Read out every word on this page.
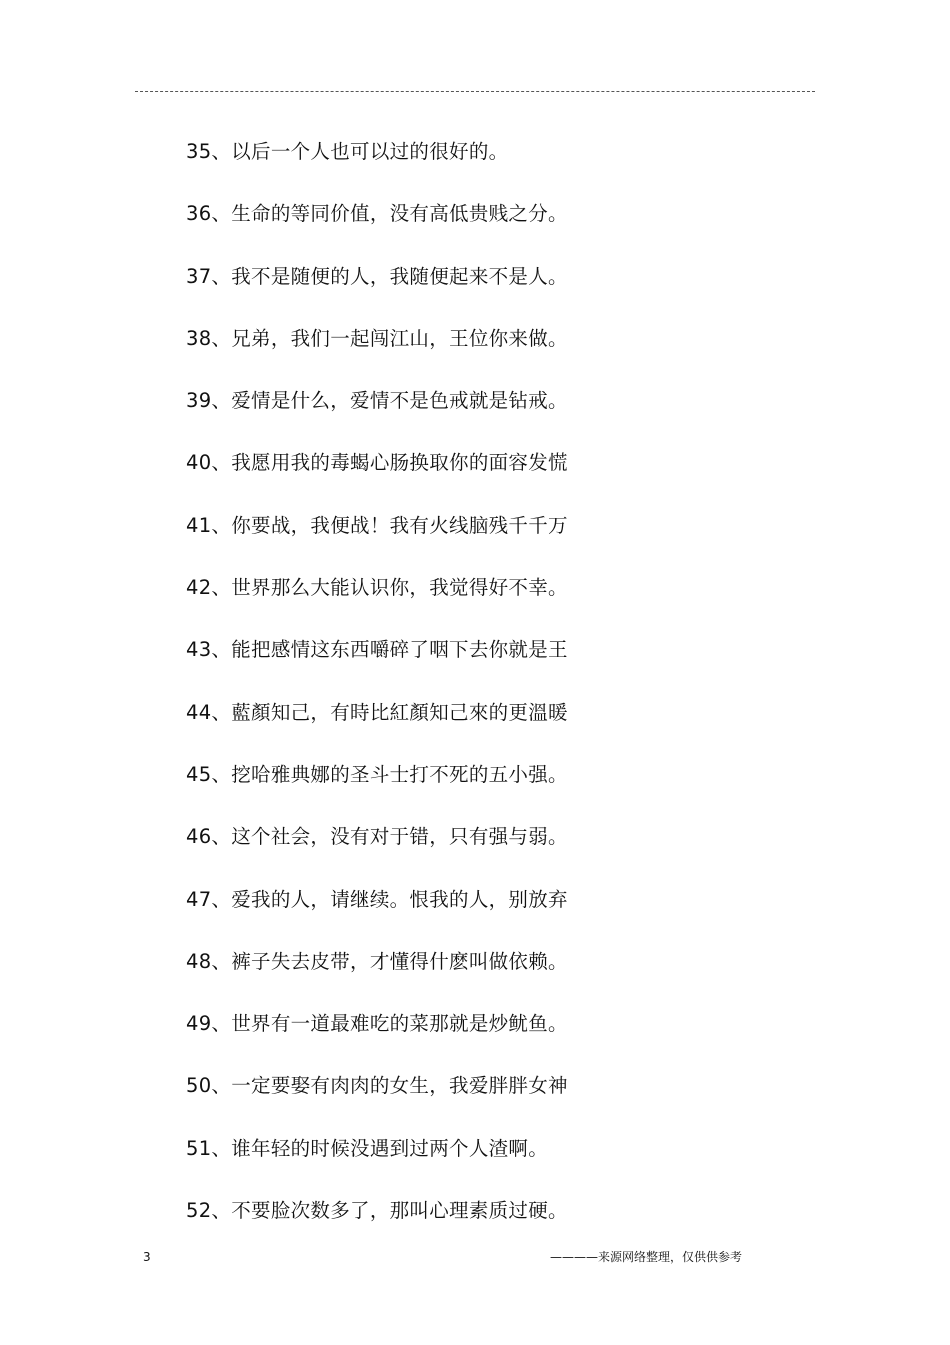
35、以后一个人也可以过的很好的。
36、生命的等同价值，没有高低贵贱之分。
37、我不是随便的人，我随便起来不是人。
38、兄弟，我们一起闯江山，王位你来做。
39、爱情是什么，爱情不是色戒就是钻戒。
40、我愿用我的毒蝎心肠换取你的面容发慌
41、你要战，我便战！我有火线脑残千千万
42、世界那么大能认识你，我觉得好不幸。
43、能把感情这东西嚼碎了咽下去你就是王
44、藍顏知己，有時比紅顏知己來的更溫暖
45、挖哈雅典娜的圣斗士打不死的五小强。
46、这个社会，没有对于错，只有强与弱。
47、爱我的人，请继续。恨我的人，别放弃
48、裤子失去皮带，才懂得什麽叫做依赖。
49、世界有一道最难吃的菜那就是炒鱿鱼。
50、一定要娶有肉肉的女生，我爱胖胖女神
51、谁年轻的时候没遇到过两个人渣啊。
52、不要脸次数多了，那叫心理素质过硬。
3	————来源网络整理，仅供供参考
